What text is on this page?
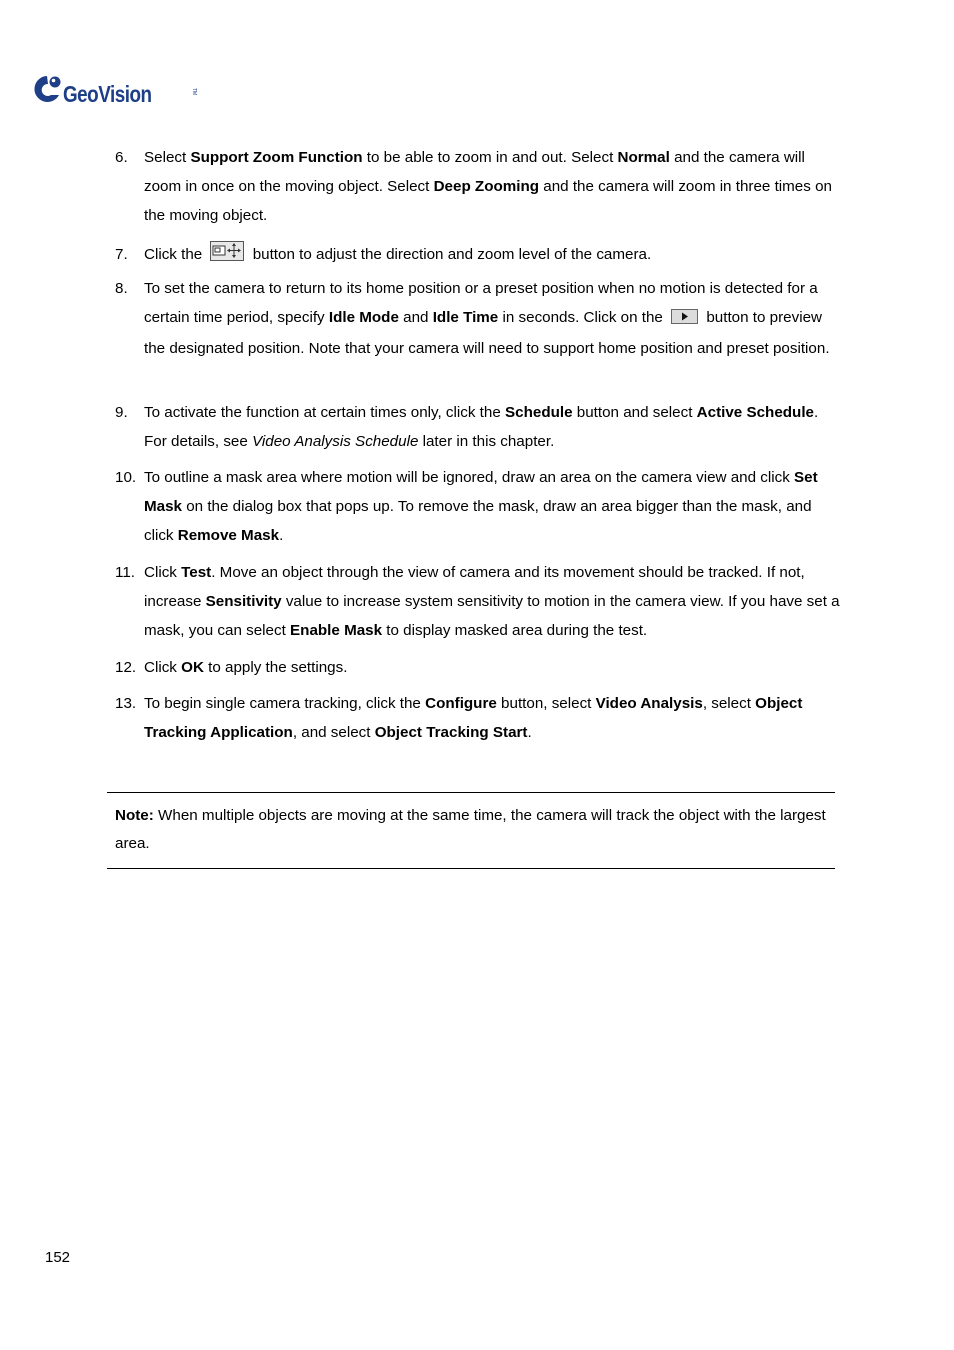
GeoVision	TM
6. Select Support Zoom Function to be able to zoom in and out. Select Normal and the camera will zoom in once on the moving object. Select Deep Zooming and the camera will zoom in three times on the moving object.
7. Click the	button to adjust the direction and zoom level of the camera.
8. To set the camera to return to its home position or a preset position when no motion is detected for a certain time period, specify Idle Mode and Idle Time in seconds. Click on the  button to preview the designated position. Note that your camera will need to support home position and preset position.
9. To activate the function at certain times only, click the Schedule button and select Active Schedule. For details, see Video Analysis Schedule later in this chapter.
10. To outline a mask area where motion will be ignored, draw an area on the camera view and click Set Mask on the dialog box that pops up. To remove the mask, draw an area bigger than the mask, and click Remove Mask.
11. Click Test. Move an object through the view of camera and its movement should be tracked. If not, increase Sensitivity value to increase system sensitivity to motion in the camera view. If you have set a mask, you can select Enable Mask to display masked area during the test.
12. Click OK to apply the settings.
13. To begin single camera tracking, click the Configure button, select Video Analysis, select Object Tracking Application, and select Object Tracking Start.
Note: When multiple objects are moving at the same time, the camera will track the object with the largest area.
152
